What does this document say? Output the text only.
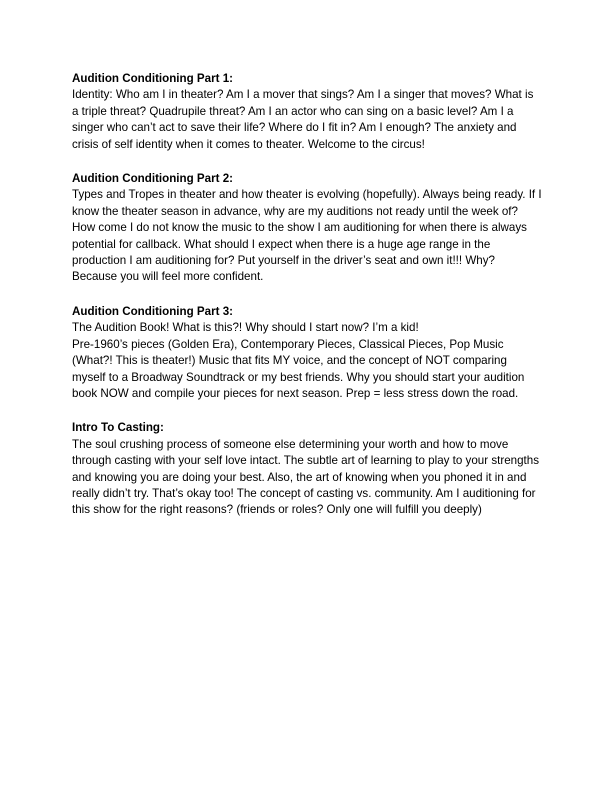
Audition Conditioning Part 1:

Identity: Who am I in theater? Am I a mover that sings? Am I a singer that moves? What is a triple threat? Quadrupile threat? Am I an actor who can sing on a basic level? Am I a singer who can’t act to save their life? Where do I fit in? Am I enough? The anxiety and crisis of self identity when it comes to theater. Welcome to the circus!

Audition Conditioning Part 2:

Types and Tropes in theater and how theater is evolving (hopefully). Always being ready. If I know the theater season in advance, why are my auditions not ready until the week of? How come I do not know the music to the show I am auditioning for when there is always potential for callback. What should I expect when there is a huge age range in the production I am auditioning for? Put yourself in the driver’s seat and own it!!! Why? Because you will feel more confident.

Audition Conditioning Part 3:

The Audition Book! What is this?! Why should I start now? I’m a kid!

Pre-1960’s pieces (Golden Era), Contemporary Pieces, Classical Pieces, Pop Music (What?! This is theater!) Music that fits MY voice, and the concept of NOT comparing myself to a Broadway Soundtrack or my best friends. Why you should start your audition book NOW and compile your pieces for next season. Prep = less stress down the road.

Intro To Casting:

The soul crushing process of someone else determining your worth and how to move through casting with your self love intact. The subtle art of learning to play to your strengths and knowing you are doing your best. Also, the art of knowing when you phoned it in and really didn’t try. That’s okay too! The concept of casting vs. community. Am I auditioning for this show for the right reasons? (friends or roles? Only one will fulfill you deeply)
